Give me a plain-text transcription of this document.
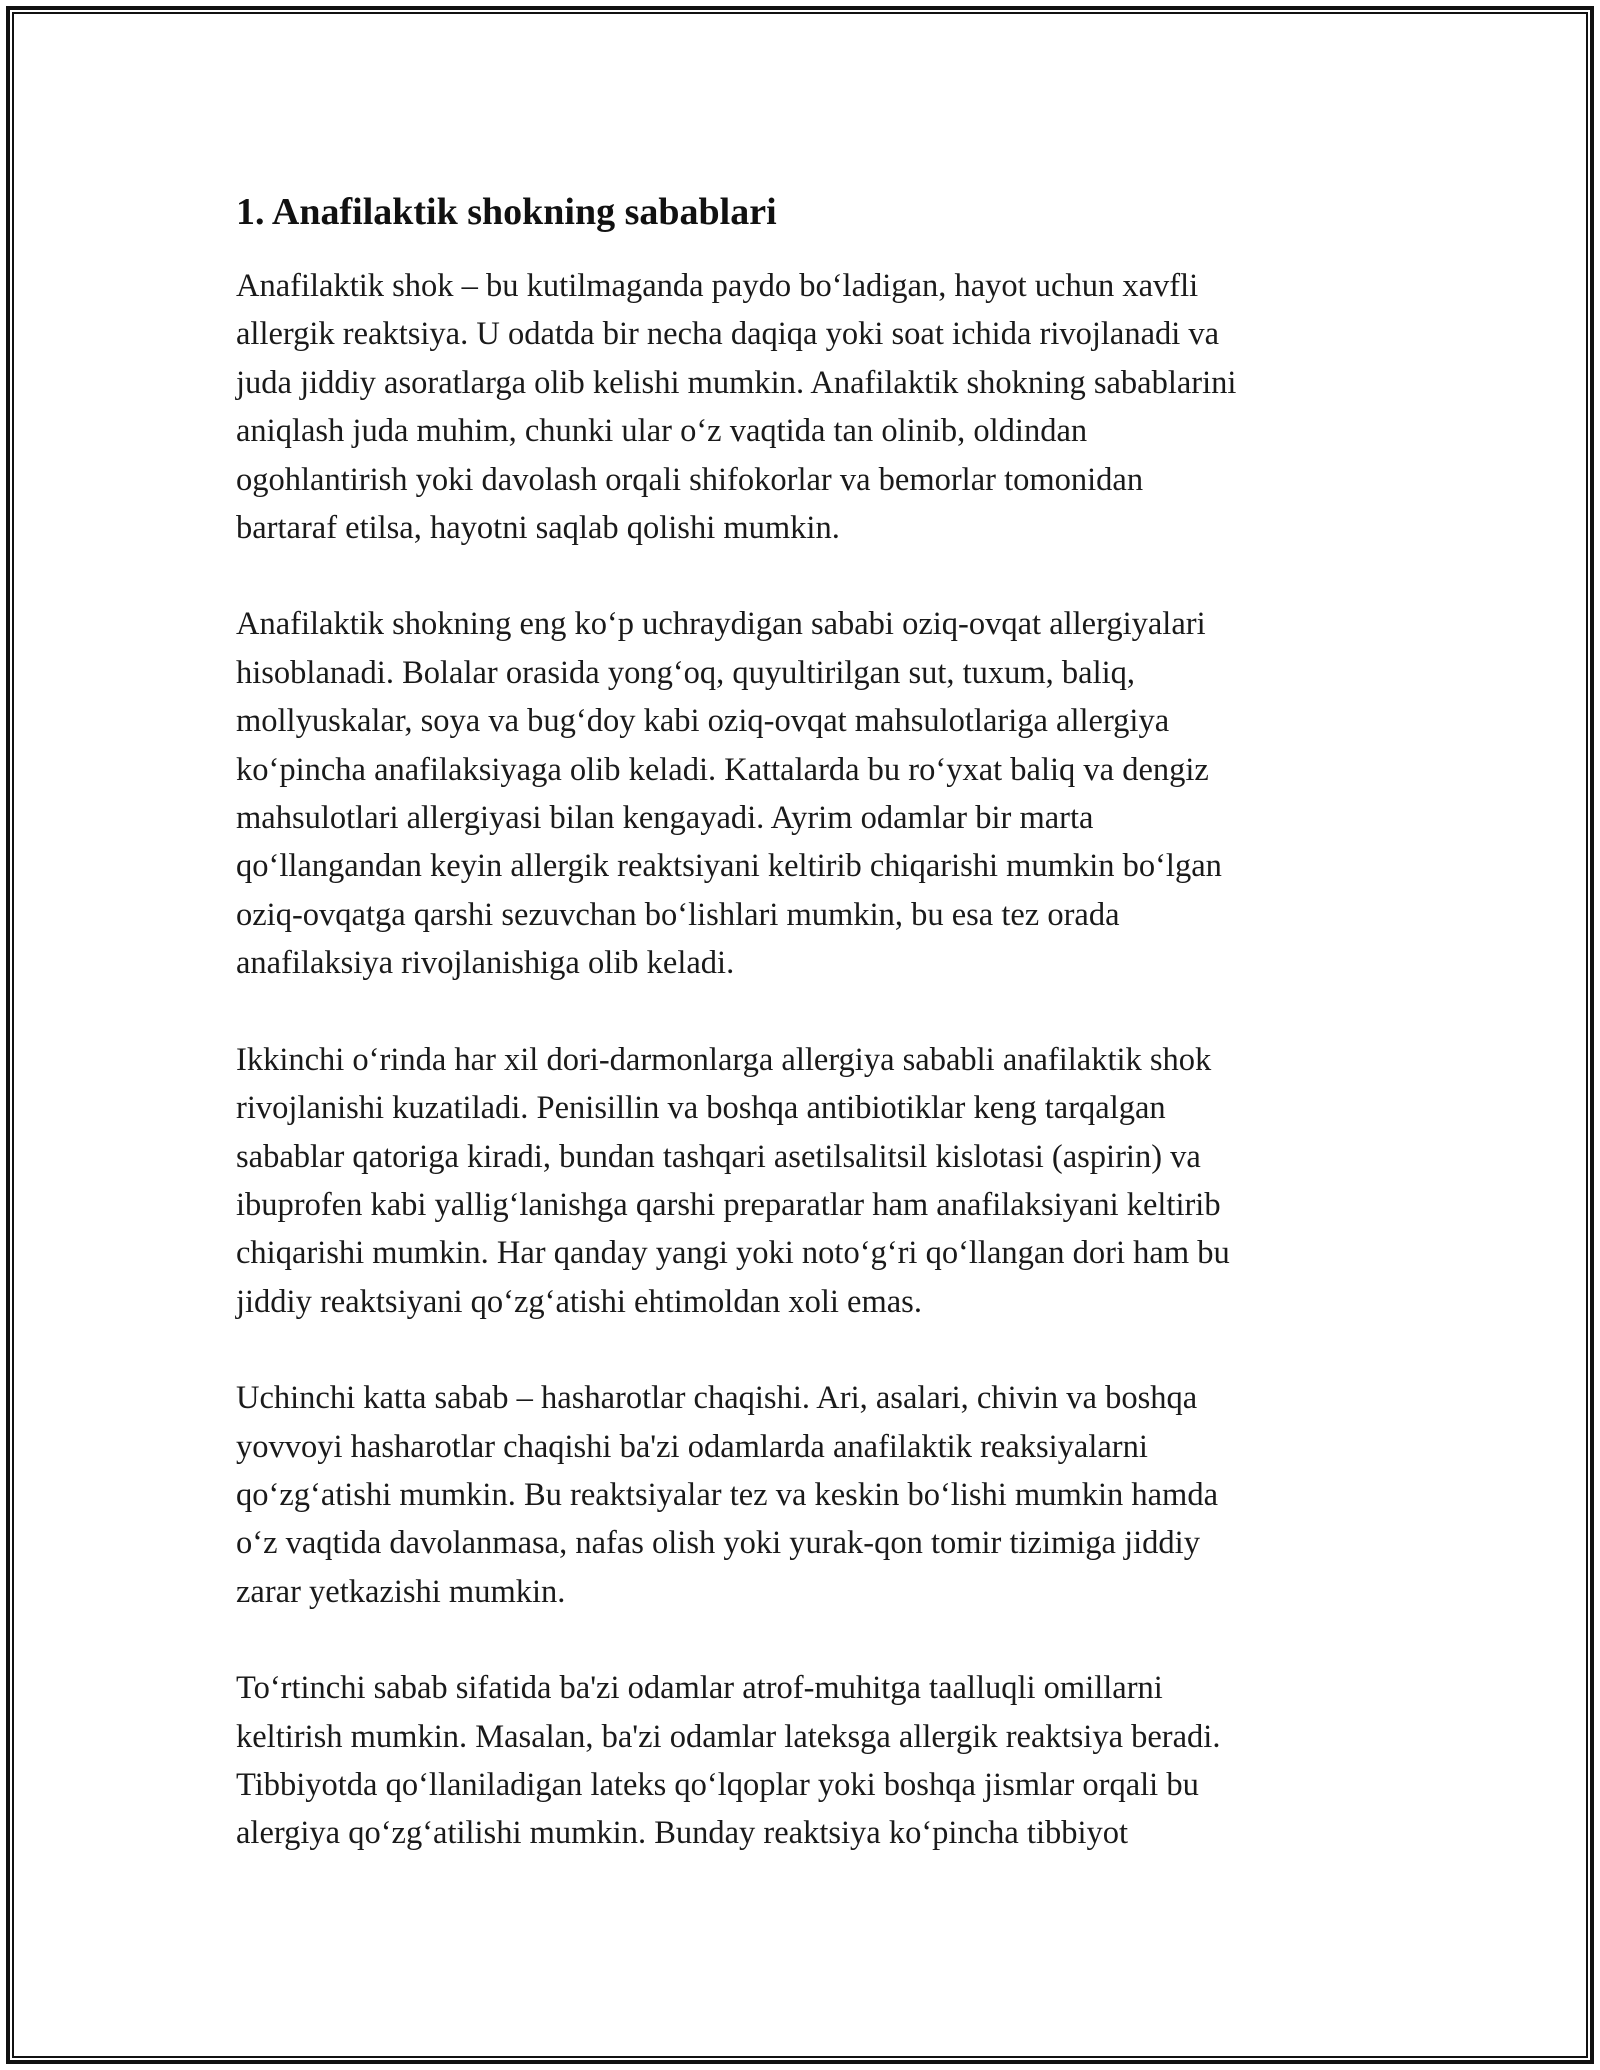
1. Anafilaktik shokning sabablari

Anafilaktik shok – bu kutilmaganda paydo boʻladigan, hayot uchun xavfli
allergik reaktsiya. U odatda bir necha daqiqa yoki soat ichida rivojlanadi va
juda jiddiy asoratlarga olib kelishi mumkin. Anafilaktik shokning sabablarini
aniqlash juda muhim, chunki ular oʻz vaqtida tan olinib, oldindan
ogohlantirish yoki davolash orqali shifokorlar va bemorlar tomonidan
bartaraf etilsa, hayotni saqlab qolishi mumkin.

Anafilaktik shokning eng koʻp uchraydigan sababi oziq-ovqat allergiyalari
hisoblanadi. Bolalar orasida yongʻoq, quyultirilgan sut, tuxum, baliq,
mollyuskalar, soya va bugʻdoy kabi oziq-ovqat mahsulotlariga allergiya
koʻpincha anafilaksiyaga olib keladi. Kattalarda bu roʻyxat baliq va dengiz
mahsulotlari allergiyasi bilan kengayadi. Ayrim odamlar bir marta
qoʻllangandan keyin allergik reaktsiyani keltirib chiqarishi mumkin boʻlgan
oziq-ovqatga qarshi sezuvchan boʻlishlari mumkin, bu esa tez orada
anafilaksiya rivojlanishiga olib keladi.

Ikkinchi oʻrinda har xil dori-darmonlarga allergiya sababli anafilaktik shok
rivojlanishi kuzatiladi. Penisillin va boshqa antibiotiklar keng tarqalgan
sabablar qatoriga kiradi, bundan tashqari asetilsalitsil kislotasi (aspirin) va
ibuprofen kabi yalligʻlanishga qarshi preparatlar ham anafilaksiyani keltirib
chiqarishi mumkin. Har qanday yangi yoki notoʻgʻri qoʻllangan dori ham bu
jiddiy reaktsiyani qoʻzgʻatishi ehtimoldan xoli emas.

Uchinchi katta sabab – hasharotlar chaqishi. Ari, asalari, chivin va boshqa
yovvoyi hasharotlar chaqishi ba'zi odamlarda anafilaktik reaksiyalarni
qoʻzgʻatishi mumkin. Bu reaktsiyalar tez va keskin boʻlishi mumkin hamda
oʻz vaqtida davolanmasa, nafas olish yoki yurak-qon tomir tizimiga jiddiy
zarar yetkazishi mumkin.

Toʻrtinchi sabab sifatida ba'zi odamlar atrof-muhitga taalluqli omillarni
keltirish mumkin. Masalan, ba'zi odamlar lateksga allergik reaktsiya beradi.
Tibbiyotda qoʻllaniladigan lateks qoʻlqoplar yoki boshqa jismlar orqali bu
alergiya qoʻzgʻatilishi mumkin. Bunday reaktsiya koʻpincha tibbiyot
